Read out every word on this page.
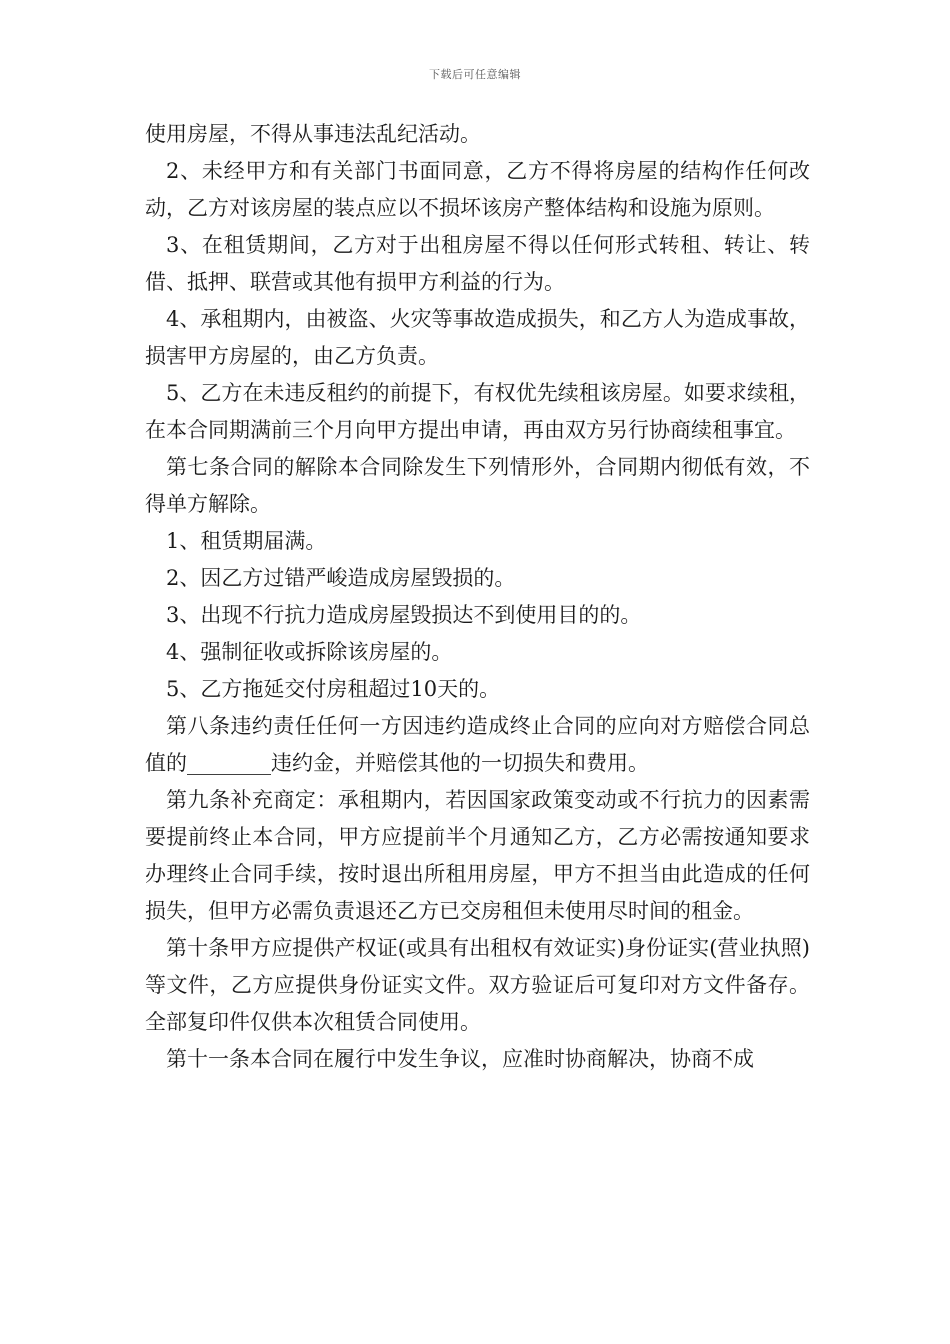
下载后可任意编辑

使用房屋，不得从事违法乱纪活动。

2、未经甲方和有关部门书面同意，乙方不得将房屋的结构作任何改动，乙方对该房屋的装点应以不损坏该房产整体结构和设施为原则。

3、在租赁期间，乙方对于出租房屋不得以任何形式转租、转让、转借、抵押、联营或其他有损甲方利益的行为。

4、承租期内，由被盗、火灾等事故造成损失，和乙方人为造成事故，损害甲方房屋的，由乙方负责。

5、乙方在未违反租约的前提下，有权优先续租该房屋。如要求续租，在本合同期满前三个月向甲方提出申请，再由双方另行协商续租事宜。

第七条合同的解除本合同除发生下列情形外，合同期内彻低有效，不得单方解除。

1、租赁期届满。

2、因乙方过错严峻造成房屋毁损的。

3、出现不行抗力造成房屋毁损达不到使用目的的。

4、强制征收或拆除该房屋的。

5、乙方拖延交付房租超过10天的。

第八条违约责任任何一方因违约造成终止合同的应向对方赔偿合同总值的________违约金，并赔偿其他的一切损失和费用。

第九条补充商定：承租期内，若因国家政策变动或不行抗力的因素需要提前终止本合同，甲方应提前半个月通知乙方，乙方必需按通知要求办理终止合同手续，按时退出所租用房屋，甲方不担当由此造成的任何损失，但甲方必需负责退还乙方已交房租但未使用尽时间的租金。

第十条甲方应提供产权证(或具有出租权有效证实)身份证实(营业执照)等文件，乙方应提供身份证实文件。双方验证后可复印对方文件备存。全部复印件仅供本次租赁合同使用。

第十一条本合同在履行中发生争议，应准时协商解决，协商不成
